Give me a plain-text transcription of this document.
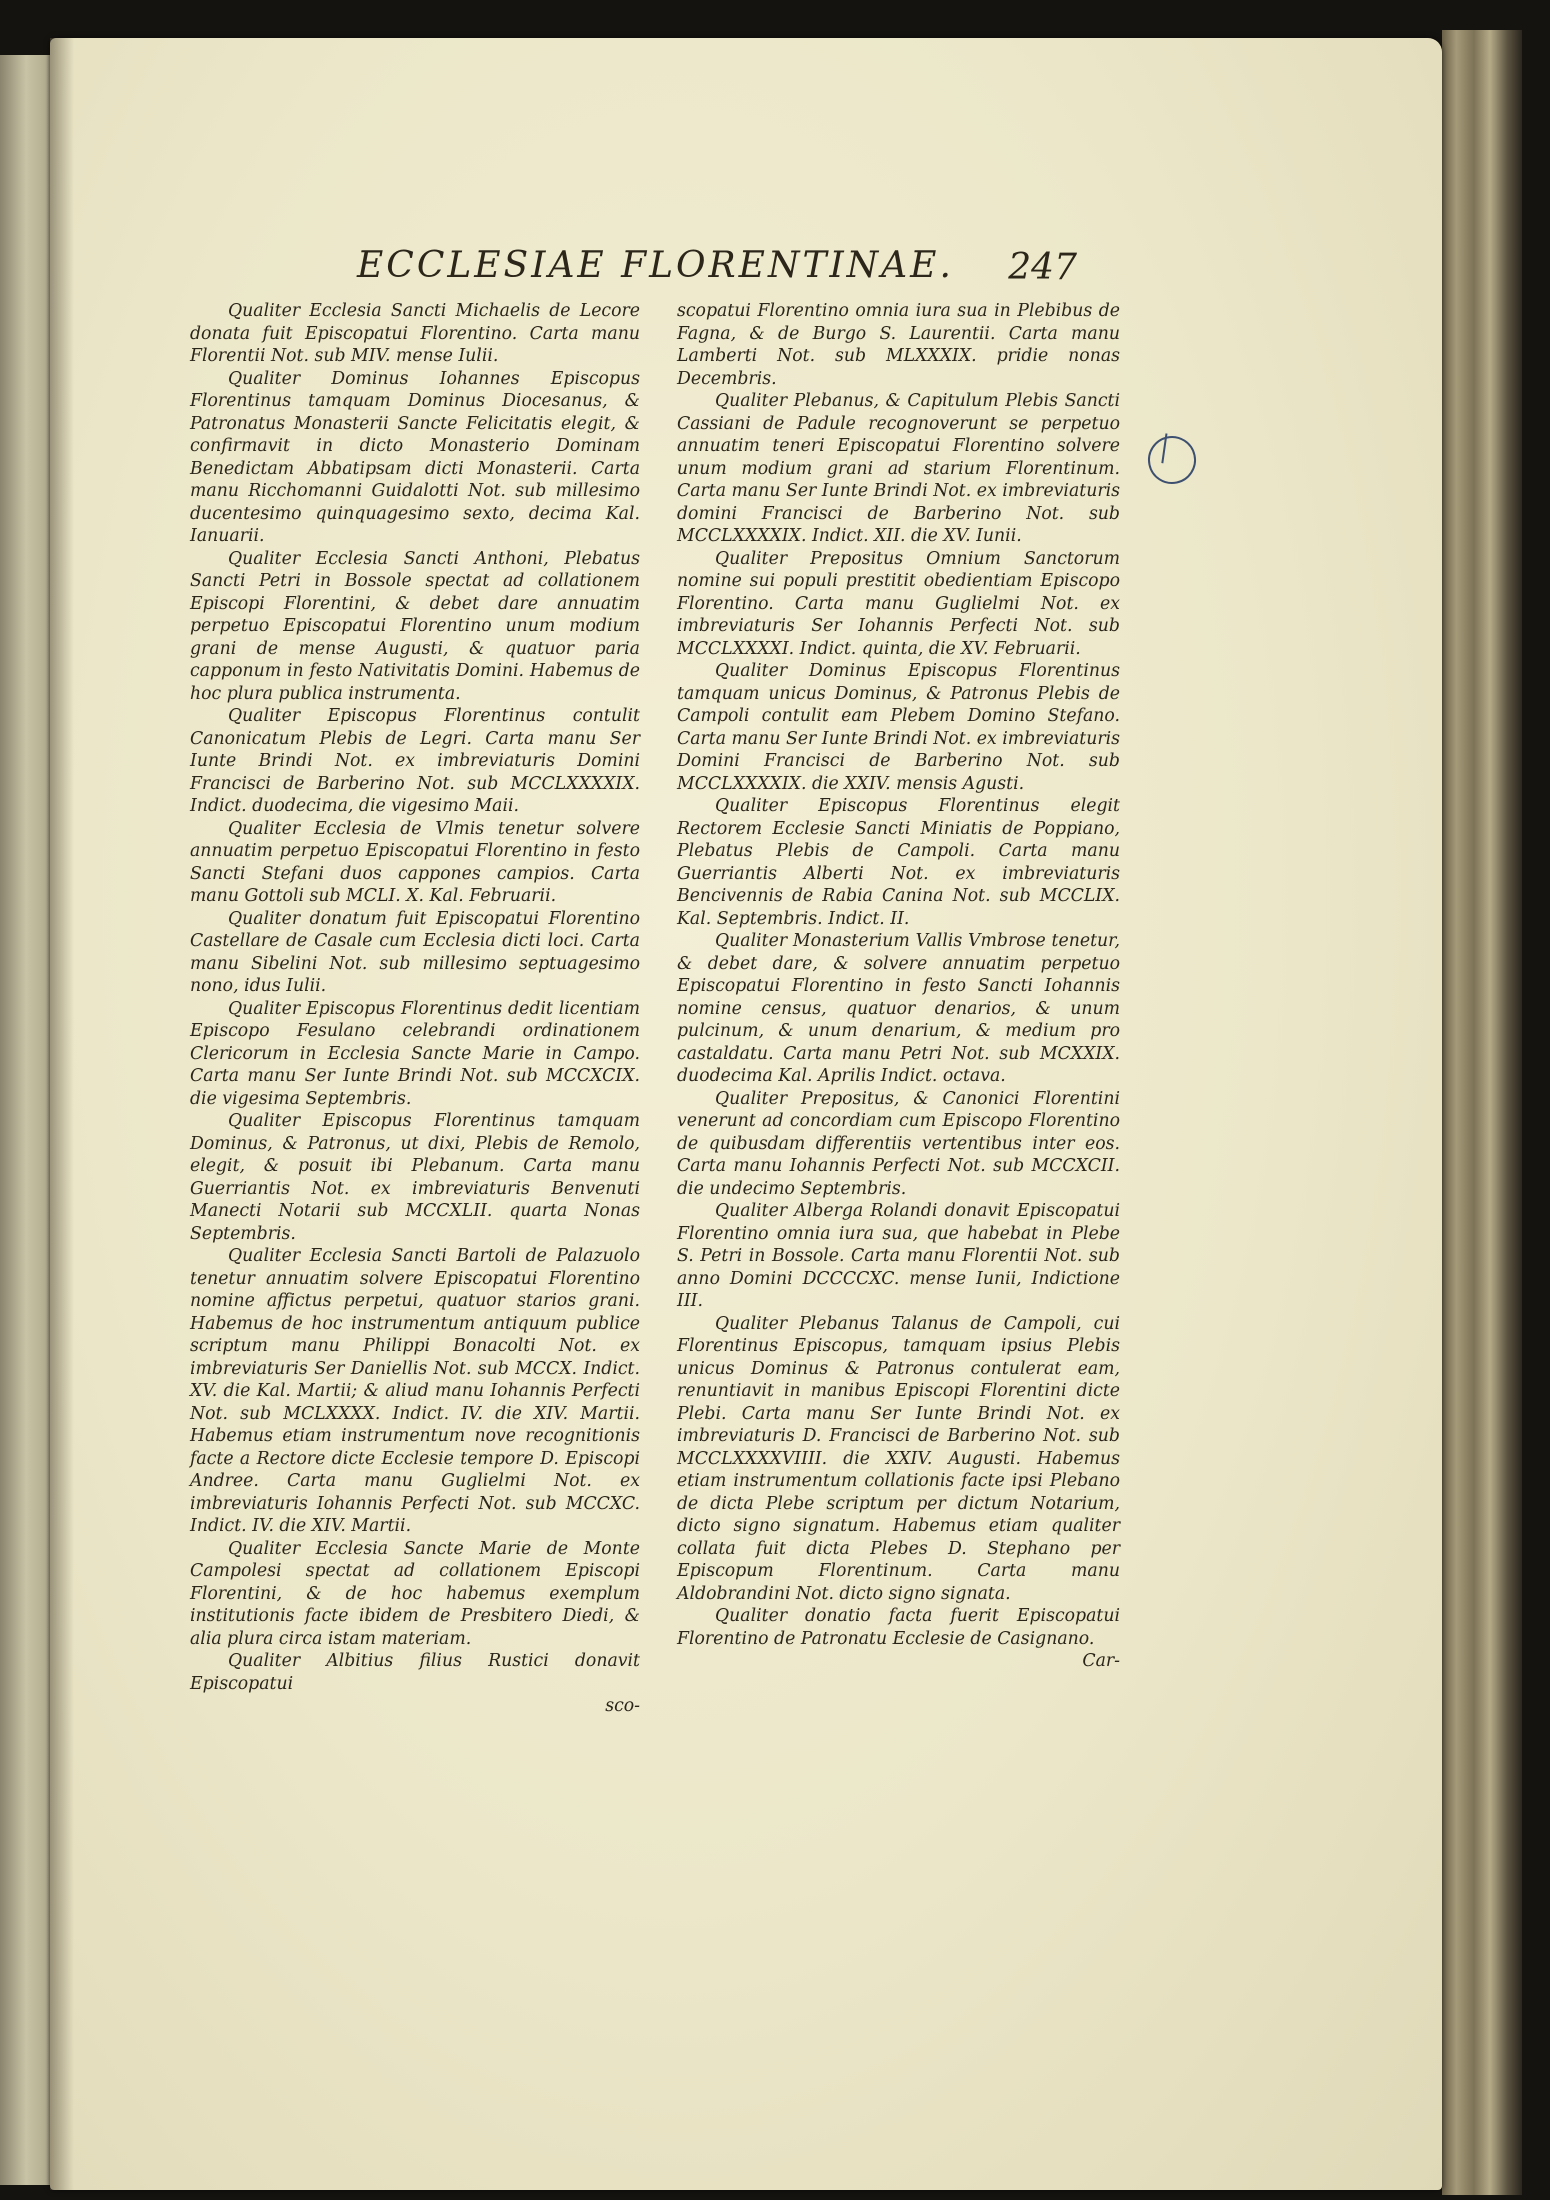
ECCLESIAE FLORENTINAE. 247

Qualiter Ecclesia Sancti Michaelis de Lecore donata fuit Episcopatui Florentino. Carta manu Florentii Not. sub MIV. mense Iulii.

Qualiter Dominus Iohannes Episcopus Florentinus tamquam Dominus Diocesanus, & Patronatus Monasterii Sancte Felicitatis elegit, & confirmavit in dicto Monasterio Dominam Benedictam Abbatipsam dicti Monasterii. Carta manu Ricchomanni Guidalotti Not. sub millesimo ducentesimo quinquagesimo sexto, decima Kal. Ianuarii.

Qualiter Ecclesia Sancti Anthoni, Plebatus Sancti Petri in Bossole spectat ad collationem Episcopi Florentini, & debet dare annuatim perpetuo Episcopatui Florentino unum modium grani de mense Augusti, & quatuor paria capponum in festo Nativitatis Domini. Habemus de hoc plura publica instrumenta.

Qualiter Episcopus Florentinus contulit Canonicatum Plebis de Legri. Carta manu Ser Iunte Brindi Not. ex imbreviaturis Domini Francisci de Barberino Not. sub MCCLXXXXIX. Indict. duodecima, die vigesimo Maii.

Qualiter Ecclesia de Vlmis tenetur solvere annuatim perpetuo Episcopatui Florentino in festo Sancti Stefani duos cappones campios. Carta manu Gottoli sub MCLI. X. Kal. Februarii.

Qualiter donatum fuit Episcopatui Florentino Castellare de Casale cum Ecclesia dicti loci. Carta manu Sibelini Not. sub millesimo septuagesimo nono, idus Iulii.

Qualiter Episcopus Florentinus dedit licentiam Episcopo Fesulano celebrandi ordinationem Clericorum in Ecclesia Sancte Marie in Campo. Carta manu Ser Iunte Brindi Not. sub MCCXCIX. die vigesima Septembris.

Qualiter Episcopus Florentinus tamquam Dominus, & Patronus, ut dixi, Plebis de Remolo, elegit, & posuit ibi Plebanum. Carta manu Guerriantis Not. ex imbreviaturis Benvenuti Manecti Notarii sub MCCXLII. quarta Nonas Septembris.

Qualiter Ecclesia Sancti Bartoli de Palazuolo tenetur annuatim solvere Episcopatui Florentino nomine affictus perpetui, quatuor starios grani. Habemus de hoc instrumentum antiquum publice scriptum manu Philippi Bonacolti Not. ex imbreviaturis Ser Daniellis Not. sub MCCX. Indict. XV. die Kal. Martii; & aliud manu Iohannis Perfecti Not. sub MCLXXXX. Indict. IV. die XIV. Martii. Habemus etiam instrumentum nove recognitionis facte a Rectore dicte Ecclesie tempore D. Episcopi Andree. Carta manu Guglielmi Not. ex imbreviaturis Iohannis Perfecti Not. sub MCCXC. Indict. IV. die XIV. Martii.

Qualiter Ecclesia Sancte Marie de Monte Campolesi spectat ad collationem Episcopi Florentini, & de hoc habemus exemplum institutionis facte ibidem de Presbitero Diedi, & alia plura circa istam materiam.

Qualiter Albitius filius Rustici donavit Episcopatui

sco-

scopatui Florentino omnia iura sua in Plebibus de Fagna, & de Burgo S. Laurentii. Carta manu Lamberti Not. sub MLXXXIX. pridie nonas Decembris.

Qualiter Plebanus, & Capitulum Plebis Sancti Cassiani de Padule recognoverunt se perpetuo annuatim teneri Episcopatui Florentino solvere unum modium grani ad starium Florentinum. Carta manu Ser Iunte Brindi Not. ex imbreviaturis domini Francisci de Barberino Not. sub MCCLXXXXIX. Indict. XII. die XV. Iunii.

Qualiter Prepositus Omnium Sanctorum nomine sui populi prestitit obedientiam Episcopo Florentino. Carta manu Guglielmi Not. ex imbreviaturis Ser Iohannis Perfecti Not. sub MCCLXXXXI. Indict. quinta, die XV. Februarii.

Qualiter Dominus Episcopus Florentinus tamquam unicus Dominus, & Patronus Plebis de Campoli contulit eam Plebem Domino Stefano. Carta manu Ser Iunte Brindi Not. ex imbreviaturis Domini Francisci de Barberino Not. sub MCCLXXXXIX. die XXIV. mensis Agusti.

Qualiter Episcopus Florentinus elegit Rectorem Ecclesie Sancti Miniatis de Poppiano, Plebatus Plebis de Campoli. Carta manu Guerriantis Alberti Not. ex imbreviaturis Bencivennis de Rabia Canina Not. sub MCCLIX. Kal. Septembris. Indict. II.

Qualiter Monasterium Vallis Vmbrose tenetur, & debet dare, & solvere annuatim perpetuo Episcopatui Florentino in festo Sancti Iohannis nomine census, quatuor denarios, & unum pulcinum, & unum denarium, & medium pro castaldatu. Carta manu Petri Not. sub MCXXIX. duodecima Kal. Aprilis Indict. octava.

Qualiter Prepositus, & Canonici Florentini venerunt ad concordiam cum Episcopo Florentino de quibusdam differentiis vertentibus inter eos. Carta manu Iohannis Perfecti Not. sub MCCXCII. die undecimo Septembris.

Qualiter Alberga Rolandi donavit Episcopatui Florentino omnia iura sua, que habebat in Plebe S. Petri in Bossole. Carta manu Florentii Not. sub anno Domini DCCCCXC. mense Iunii, Indictione III.

Qualiter Plebanus Talanus de Campoli, cui Florentinus Episcopus, tamquam ipsius Plebis unicus Dominus & Patronus contulerat eam, renuntiavit in manibus Episcopi Florentini dicte Plebi. Carta manu Ser Iunte Brindi Not. ex imbreviaturis D. Francisci de Barberino Not. sub MCCLXXXXVIIII. die XXIV. Augusti. Habemus etiam instrumentum collationis facte ipsi Plebano de dicta Plebe scriptum per dictum Notarium, dicto signo signatum. Habemus etiam qualiter collata fuit dicta Plebes D. Stephano per Episcopum Florentinum. Carta manu Aldobrandini Not. dicto signo signata.

Qualiter donatio facta fuerit Episcopatui Florentino de Patronatu Ecclesie de Casignano.

Car-
